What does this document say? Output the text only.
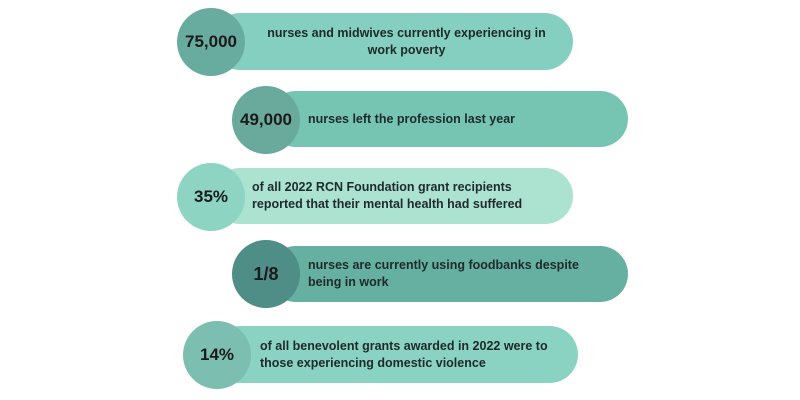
nurses and midwives currently experiencing in work poverty
75,000
nurses left the profession last year
49,000
of all 2022 RCN Foundation grant recipients reported that their mental health had suffered
35%
nurses are currently using foodbanks despite being in work
1/8
of all benevolent grants awarded in 2022 were to those experiencing domestic violence
14%
